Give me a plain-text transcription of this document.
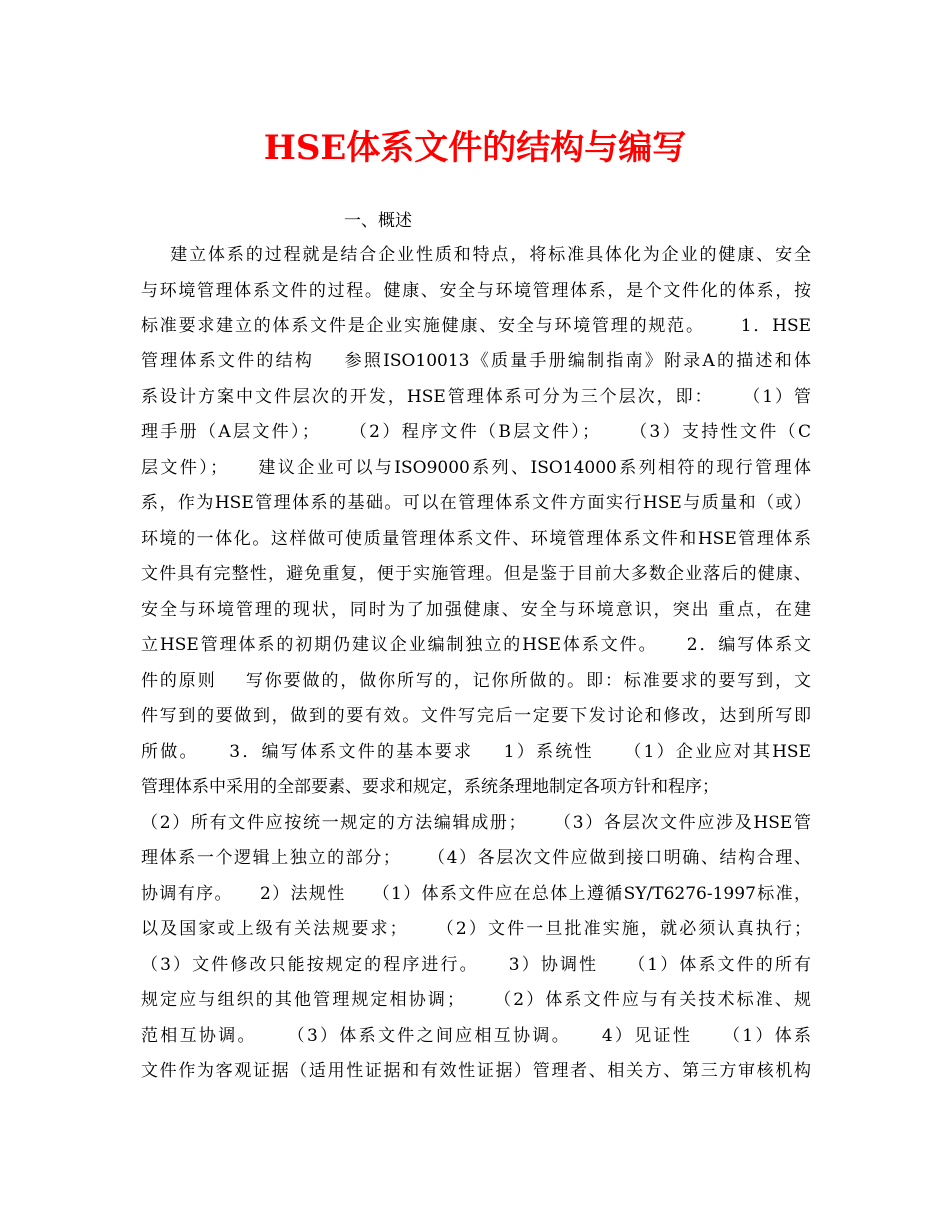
HSE体系文件的结构与编写
一、概述
建立体系的过程就是结合企业性质和特点，将标准具体化为企业的健康、安全
与环境管理体系文件的过程。健康、安全与环境管理体系，是个文件化的体系，按
标准要求建立的体系文件是企业实施健康、安全与环境管理的规范。     1．HSE
管理体系文件的结构    参照ISO10013《质量手册编制指南》附录A的描述和体
系设计方案中文件层次的开发，HSE管理体系可分为三个层次，即：    （1）管
理手册（A层文件）；    （2）程序文件（B层文件）；    （3）支持性文件（C
层文件）；    建议企业可以与ISO9000系列、ISO14000系列相符的现行管理体
系，作为HSE管理体系的基础。可以在管理体系文件方面实行HSE与质量和（或）
环境的一体化。这样做可使质量管理体系文件、环境管理体系文件和HSE管理体系
文件具有完整性，避免重复，便于实施管理。但是鉴于目前大多数企业落后的健康、
安全与环境管理的现状，同时为了加强健康、安全与环境意识，突出 重点，在建
立HSE管理体系的初期仍建议企业编制独立的HSE体系文件。    2．编写体系文
件的原则    写你要做的，做你所写的，记你所做的。即：标准要求的要写到，文
件写到的要做到，做到的要有效。文件写完后一定要下发讨论和修改，达到所写即
所做。    3．编写体系文件的基本要求    1）系统性    （1）企业应对其HSE
管理体系中采用的全部要素、要求和规定，系统条理地制定各项方针和程序；
（2）所有文件应按统一规定的方法编辑成册；    （3）各层次文件应涉及HSE管
理体系一个逻辑上独立的部分；    （4）各层次文件应做到接口明确、结构合理、
协调有序。    2）法规性    （1）体系文件应在总体上遵循SY/T6276-1997标准，
以及国家或上级有关法规要求；    （2）文件一旦批准实施，就必须认真执行；
（3）文件修改只能按规定的程序进行。    3）协调性    （1）体系文件的所有
规定应与组织的其他管理规定相协调；    （2）体系文件应与有关技术标准、规
范相互协调。    （3）体系文件之间应相互协调。    4）见证性    （1）体系
文件作为客观证据（适用性证据和有效性证据）管理者、相关方、第三方审核机构
